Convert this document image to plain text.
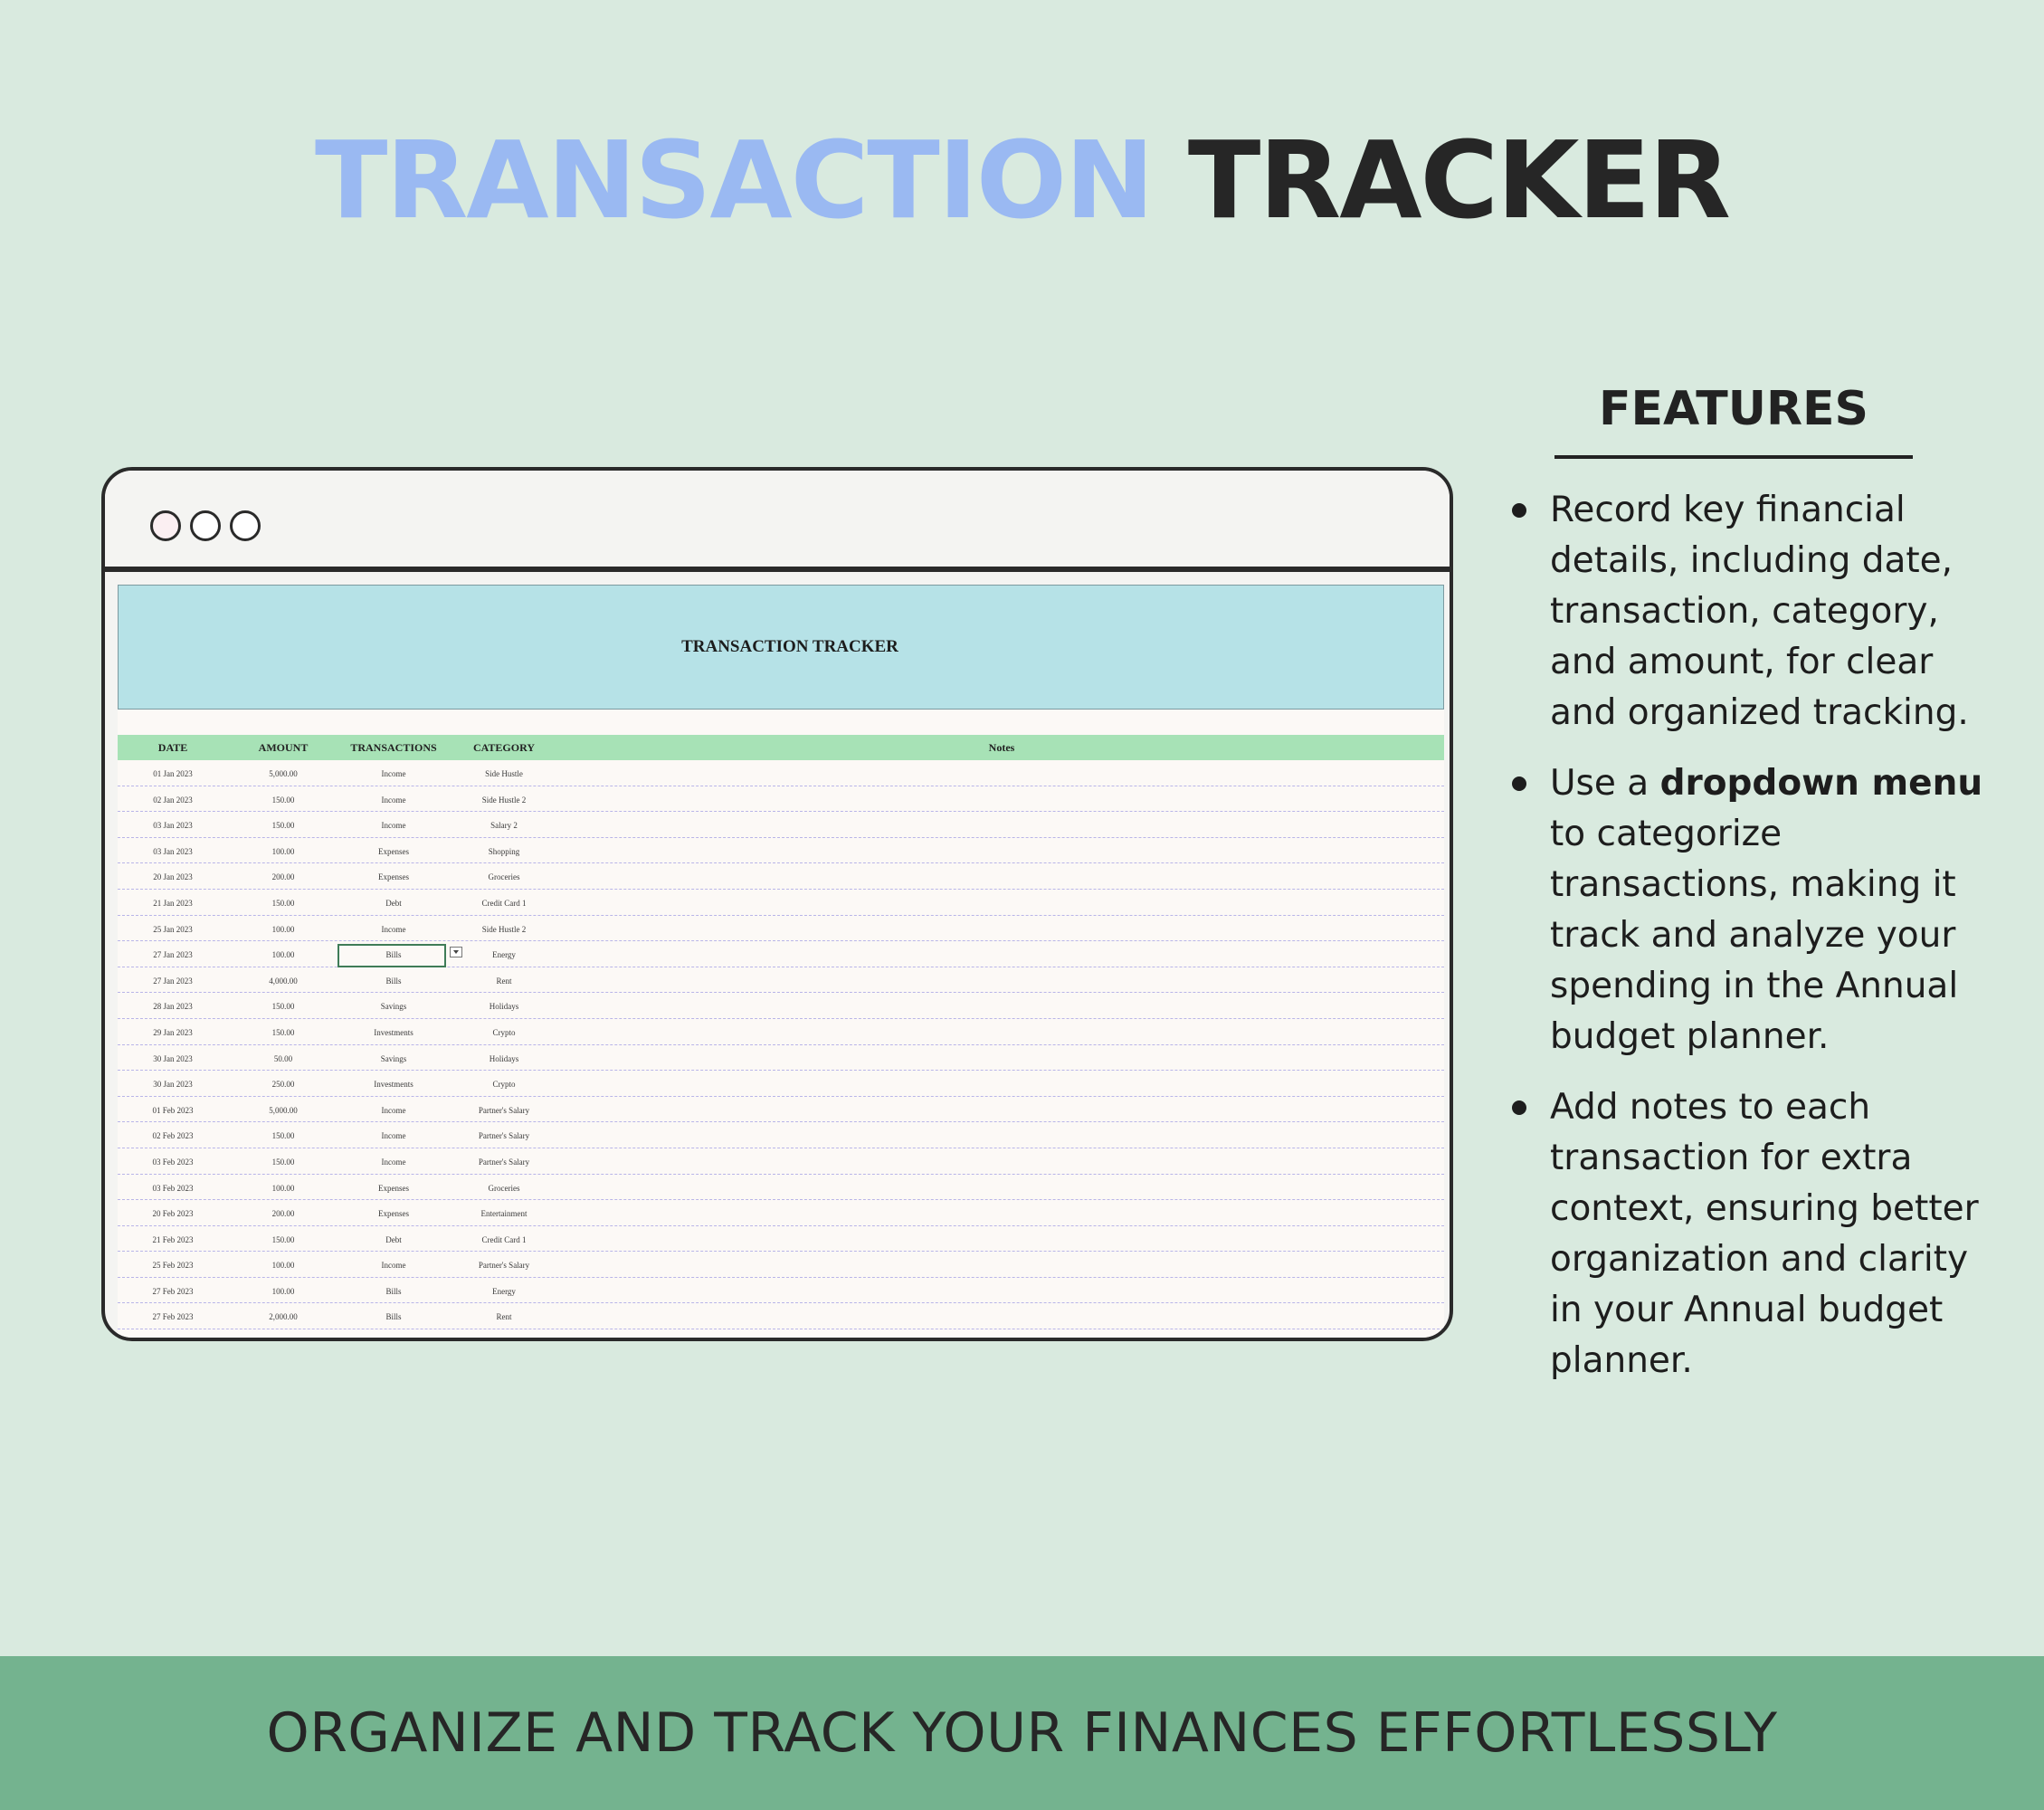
TRANSACTION TRACKER
TRANSACTION TRACKER
DATE	AMOUNT	TRANSACTIONS	CATEGORY	Notes
01 Jan 2023	5,000.00	Income	Side Hustle
02 Jan 2023	150.00	Income	Side Hustle 2
03 Jan 2023	150.00	Income	Salary 2
03 Jan 2023	100.00	Expenses	Shopping
20 Jan 2023	200.00	Expenses	Groceries
21 Jan 2023	150.00	Debt	Credit Card 1
25 Jan 2023	100.00	Income	Side Hustle 2
27 Jan 2023	100.00	Bills	Energy
27 Jan 2023	4,000.00	Bills	Rent
28 Jan 2023	150.00	Savings	Holidays
29 Jan 2023	150.00	Investments	Crypto
30 Jan 2023	50.00	Savings	Holidays
30 Jan 2023	250.00	Investments	Crypto
01 Feb 2023	5,000.00	Income	Partner's Salary
02 Feb 2023	150.00	Income	Partner's Salary
03 Feb 2023	150.00	Income	Partner's Salary
03 Feb 2023	100.00	Expenses	Groceries
20 Feb 2023	200.00	Expenses	Entertainment
21 Feb 2023	150.00	Debt	Credit Card 1
25 Feb 2023	100.00	Income	Partner's Salary
27 Feb 2023	100.00	Bills	Energy
27 Feb 2023	2,000.00	Bills	Rent
FEATURES
Record key financial details, including date, transaction, category, and amount, for clear and organized tracking.
Use a dropdown menu to categorize transactions, making it track and analyze your spending in the Annual budget planner.
Add notes to each transaction for extra context, ensuring better organization and clarity in your Annual budget planner.
ORGANIZE AND TRACK YOUR FINANCES EFFORTLESSLY
